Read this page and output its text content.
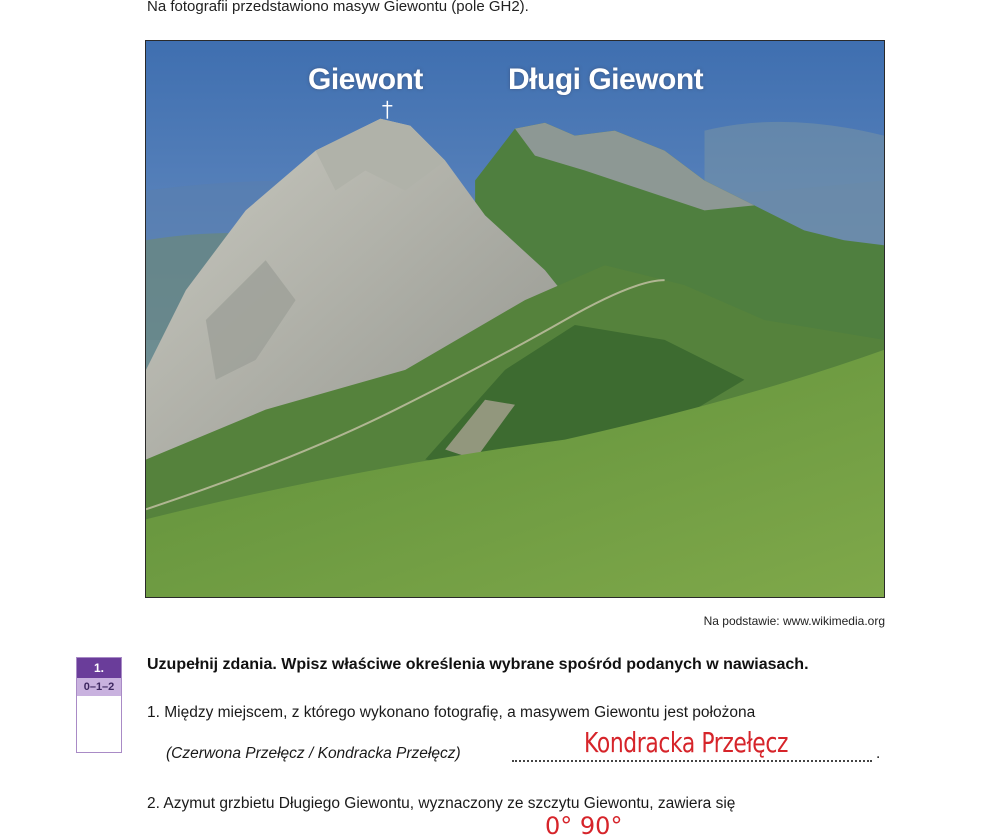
Na fotografii przedstawiono masyw Giewontu (pole GH2).
Giewont	Długi Giewont
Na podstawie: www.wikimedia.org
1.
0–1–2
Uzupełnij zdania. Wpisz właściwe określenia wybrane spośród podanych w nawiasach.
1. Między miejscem, z którego wykonano fotografię, a masywem Giewontu jest położona
(Czerwona Przełęcz / Kondracka Przełęcz)	.
Kondracka Przełęcz
2. Azymut grzbietu Długiego Giewontu, wyznaczony ze szczytu Giewontu, zawiera się
0° 90°
